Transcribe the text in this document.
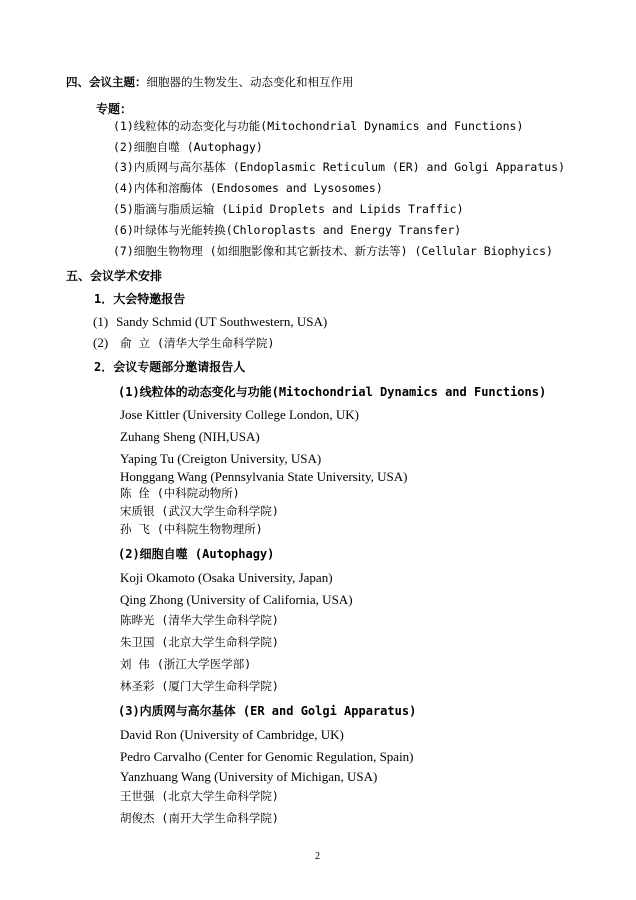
四、会议主题：细胞器的生物发生、动态变化和相互作用
专题：
(1)线粒体的动态变化与功能(Mitochondrial Dynamics and Functions)
(2)细胞自噬 (Autophagy)
(3)内质网与高尔基体 (Endoplasmic Reticulum (ER) and Golgi Apparatus)
(4)内体和溶酶体 (Endosomes and Lysosomes)
(5)脂滴与脂质运输 (Lipid Droplets and Lipids Traffic)
(6)叶绿体与光能转换(Chloroplasts and Energy Transfer)
(7)细胞生物物理 (如细胞影像和其它新技术、新方法等) (Cellular Biophyics)
五、会议学术安排
1．大会特邀报告
(1) Sandy Schmid (UT Southwestern, USA)
(2) 俞 立 (清华大学生命科学院)
2．会议专题部分邀请报告人
(1)线粒体的动态变化与功能(Mitochondrial Dynamics and Functions)
Jose Kittler (University College London, UK)
Zuhang Sheng (NIH,USA)
Yaping Tu (Creigton University, USA)
Honggang Wang (Pennsylvania State University, USA)
陈 佺 (中科院动物所)
宋质银 (武汉大学生命科学院)
孙 飞 (中科院生物物理所)
(2)细胞自噬 (Autophagy)
Koji Okamoto (Osaka University, Japan)
Qing Zhong (University of California, USA)
陈晔光 (清华大学生命科学院)
朱卫国 (北京大学生命科学院)
刘 伟 (浙江大学医学部)
林圣彩 (厦门大学生命科学院)
(3)内质网与高尔基体 (ER and Golgi Apparatus)
David Ron (University of Cambridge, UK)
Pedro Carvalho (Center for Genomic Regulation, Spain)
Yanzhuang Wang (University of Michigan, USA)
王世强 (北京大学生命科学院)
胡俊杰 (南开大学生命科学院)
2
